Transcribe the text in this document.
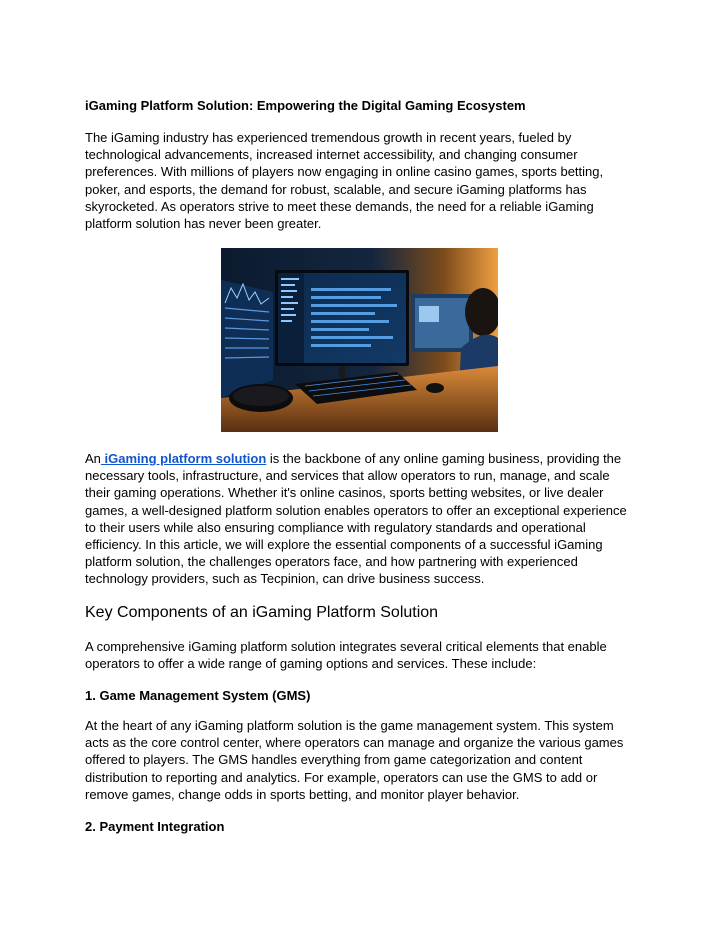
iGaming Platform Solution: Empowering the Digital Gaming Ecosystem

The iGaming industry has experienced tremendous growth in recent years, fueled by technological advancements, increased internet accessibility, and changing consumer preferences. With millions of players now engaging in online casino games, sports betting, poker, and esports, the demand for robust, scalable, and secure iGaming platforms has skyrocketed. As operators strive to meet these demands, the need for a reliable iGaming platform solution has never been greater.

An iGaming platform solution is the backbone of any online gaming business, providing the necessary tools, infrastructure, and services that allow operators to run, manage, and scale their gaming operations. Whether it's online casinos, sports betting websites, or live dealer games, a well-designed platform solution enables operators to offer an exceptional experience to their users while also ensuring compliance with regulatory standards and operational efficiency. In this article, we will explore the essential components of a successful iGaming platform solution, the challenges operators face, and how partnering with experienced technology providers, such as Tecpinion, can drive business success.

Key Components of an iGaming Platform Solution

A comprehensive iGaming platform solution integrates several critical elements that enable operators to offer a wide range of gaming options and services. These include:

1. Game Management System (GMS)

At the heart of any iGaming platform solution is the game management system. This system acts as the core control center, where operators can manage and organize the various games offered to players. The GMS handles everything from game categorization and content distribution to reporting and analytics. For example, operators can use the GMS to add or remove games, change odds in sports betting, and monitor player behavior.

2. Payment Integration
